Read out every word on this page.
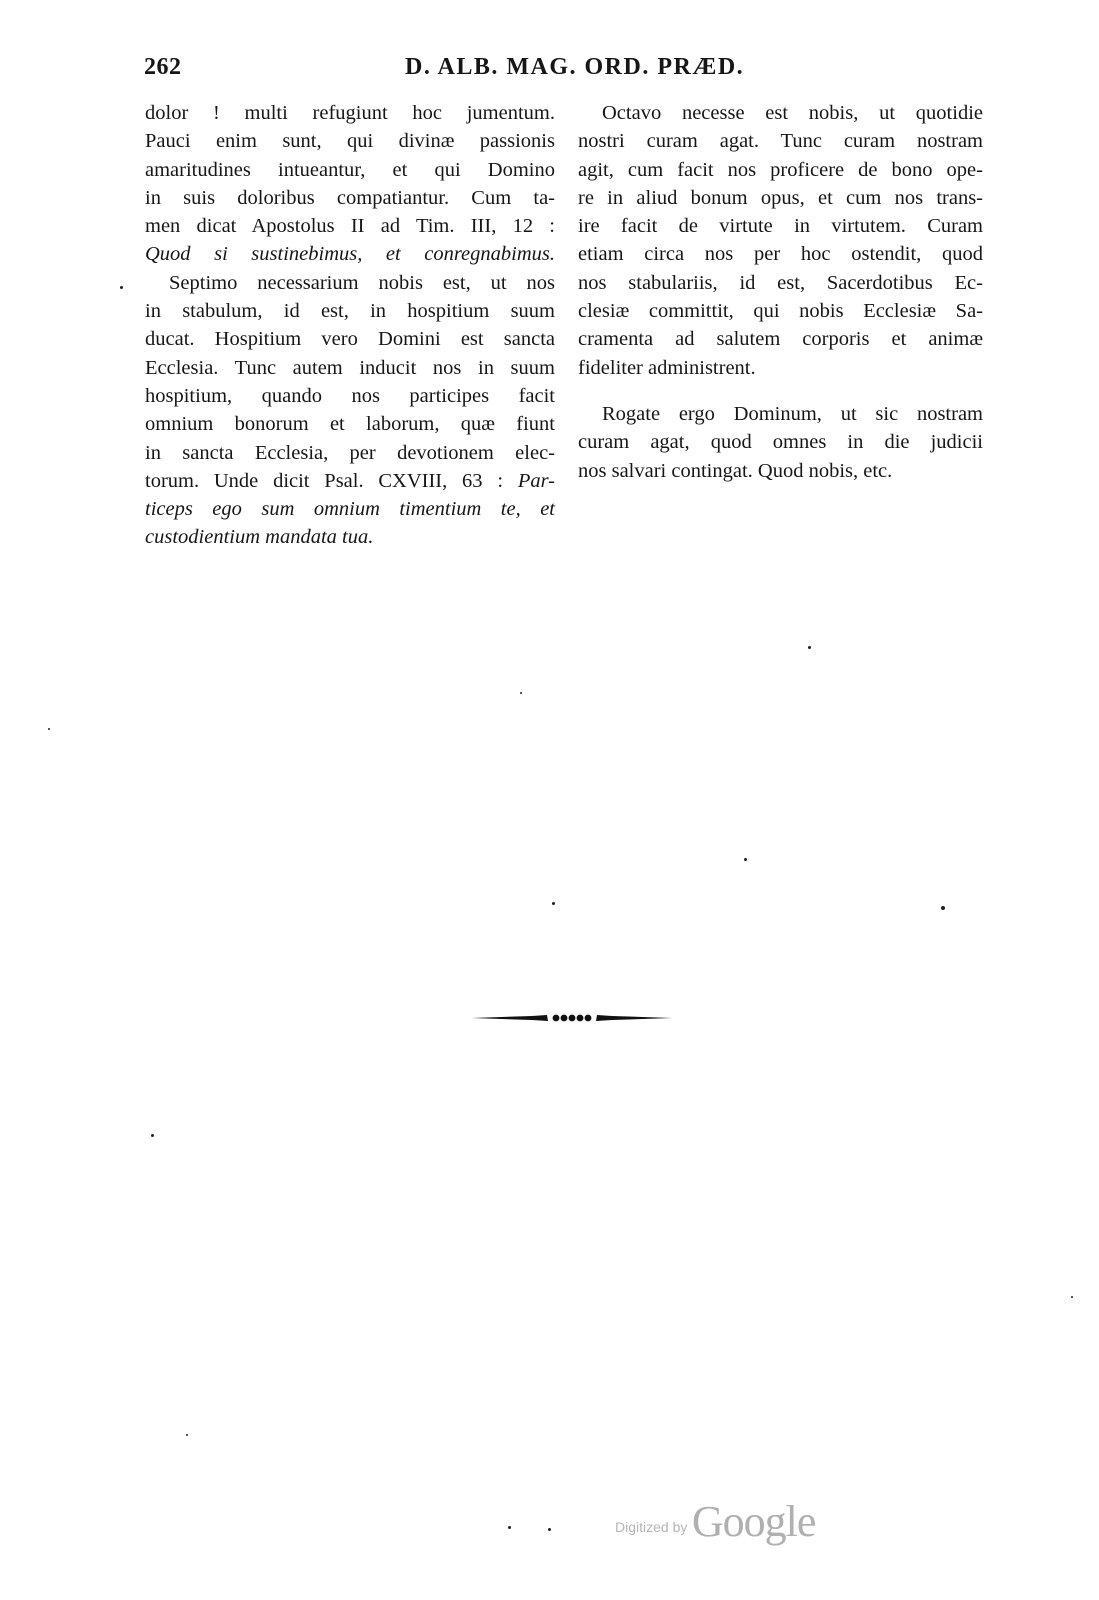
262	D. ALB. MAG. ORD. PRÆD.
dolor ! multi refugiunt hoc jumentum.
Pauci enim sunt, qui divinæ passionis
amaritudines intueantur, et qui Domino
in suis doloribus compatiantur. Cum ta-
men dicat Apostolus II ad Tim. III, 12 :
Quod si sustinebimus, et conregnabimus.
Septimo necessarium nobis est, ut nos
in stabulum, id est, in hospitium suum
ducat. Hospitium vero Domini est sancta
Ecclesia. Tunc autem inducit nos in suum
hospitium, quando nos participes facit
omnium bonorum et laborum, quæ fiunt
in sancta Ecclesia, per devotionem elec-
torum. Unde dicit Psal. CXVIII, 63 : Par-
ticeps ego sum omnium timentium te, et
custodientium mandata tua.
Octavo necesse est nobis, ut quotidie
nostri curam agat. Tunc curam nostram
agit, cum facit nos proficere de bono ope-
re in aliud bonum opus, et cum nos trans-
ire facit de virtute in virtutem. Curam
etiam circa nos per hoc ostendit, quod
nos stabulariis, id est, Sacerdotibus Ec-
clesiæ committit, qui nobis Ecclesiæ Sa-
cramenta ad salutem corporis et animæ
fideliter administrent.
Rogate ergo Dominum, ut sic nostram
curam agat, quod omnes in die judicii
nos salvari contingat. Quod nobis, etc.
Digitized by Google
